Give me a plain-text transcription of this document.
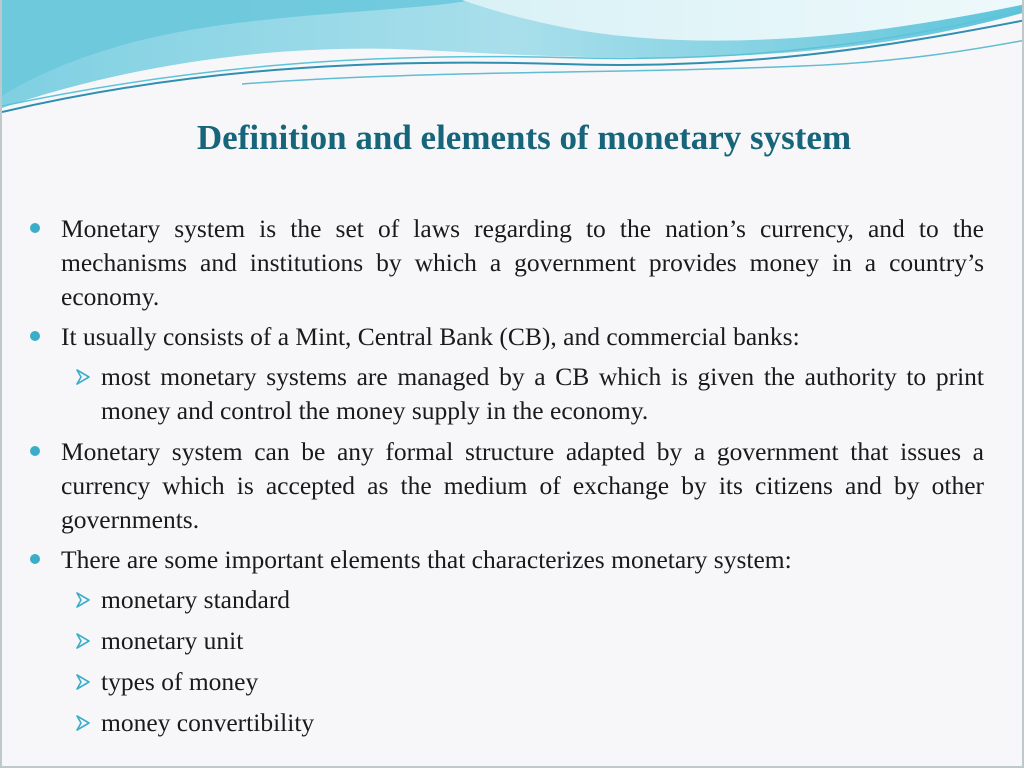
Definition and elements of monetary system
Monetary system is the set of laws regarding to the nation’s currency, and to the mechanisms and institutions by which a government provides money in a country’s economy.
It usually consists of a Mint, Central Bank (CB), and commercial banks:
most monetary systems are managed by a CB which is given the authority to print money and control the money supply in the economy.
Monetary system can be any formal structure adapted by a government that issues a currency which is accepted as the medium of exchange by its citizens and by other governments.
There are some important elements that characterizes monetary system:
monetary standard
monetary unit
types of money
money convertibility
